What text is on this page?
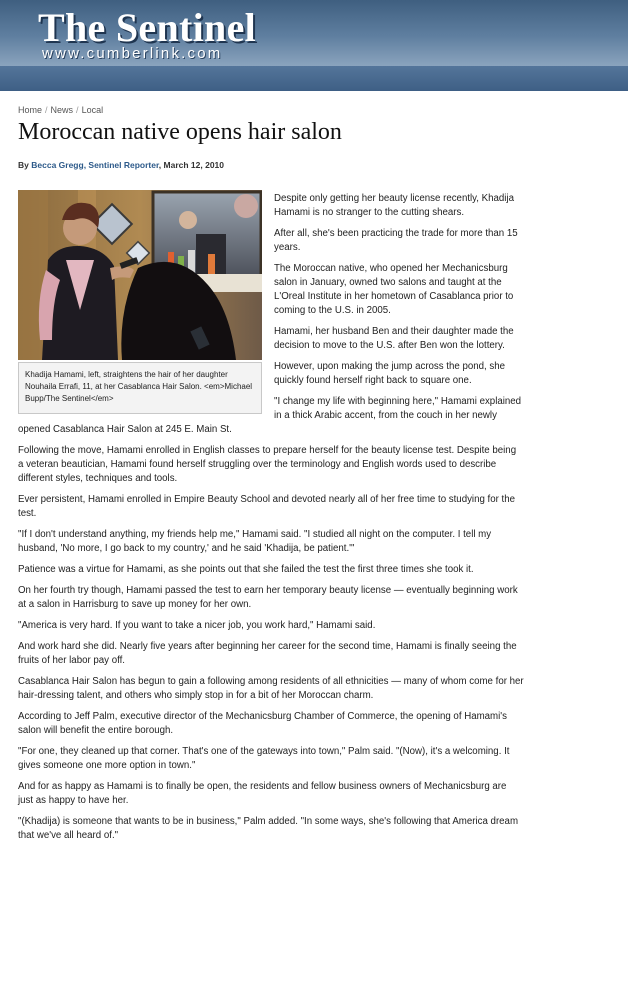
The Sentinel
www.cumberlink.com
Home / News / Local
Moroccan native opens hair salon
By Becca Gregg, Sentinel Reporter, March 12, 2010
Khadija Hamami, left, straightens the hair of her daughter Nouhaila Errafi, 11, at her Casablanca Hair Salon. <em>Michael Bupp/The Sentinel</em>

Despite only getting her beauty license recently, Khadija Hamami is no stranger to the cutting shears.

After all, she's been practicing the trade for more than 15 years.

The Moroccan native, who opened her Mechanicsburg salon in January, owned two salons and taught at the L'Oreal Institute in her hometown of Casablanca prior to coming to the U.S. in 2005.

Hamami, her husband Ben and their daughter made the decision to move to the U.S. after Ben won the lottery.

However, upon making the jump across the pond, she quickly found herself right back to square one.

"I change my life with beginning here," Hamami explained in a thick Arabic accent, from the couch in her newly opened Casablanca Hair Salon at 245 E. Main St.

Following the move, Hamami enrolled in English classes to prepare herself for the beauty license test. Despite being a veteran beautician, Hamami found herself struggling over the terminology and English words used to describe different styles, techniques and tools.

Ever persistent, Hamami enrolled in Empire Beauty School and devoted nearly all of her free time to studying for the test.

"If I don't understand anything, my friends help me," Hamami said. "I studied all night on the computer. I tell my husband, 'No more, I go back to my country,' and he said 'Khadija, be patient.'"

Patience was a virtue for Hamami, as she points out that she failed the test the first three times she took it.

On her fourth try though, Hamami passed the test to earn her temporary beauty license — eventually beginning work at a salon in Harrisburg to save up money for her own.

"America is very hard. If you want to take a nicer job, you work hard," Hamami said.

And work hard she did. Nearly five years after beginning her career for the second time, Hamami is finally seeing the fruits of her labor pay off.

Casablanca Hair Salon has begun to gain a following among residents of all ethnicities — many of whom come for her hair-dressing talent, and others who simply stop in for a bit of her Moroccan charm.

According to Jeff Palm, executive director of the Mechanicsburg Chamber of Commerce, the opening of Hamami's salon will benefit the entire borough.

"For one, they cleaned up that corner. That's one of the gateways into town," Palm said. "(Now), it's a welcoming. It gives someone one more option in town."

And for as happy as Hamami is to finally be open, the residents and fellow business owners of Mechanicsburg are just as happy to have her.

"(Khadija) is someone that wants to be in business," Palm added. "In some ways, she's following that America dream that we've all heard of."
